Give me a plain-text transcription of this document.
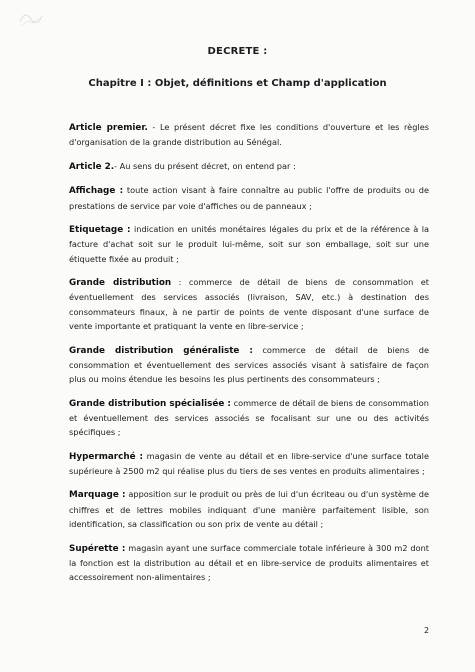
DECRETE :
Chapitre I : Objet, définitions et Champ d'application

Article premier. - Le présent décret fixe les conditions d'ouverture et les règles d'organisation de la grande distribution au Sénégal.

Article 2.- Au sens du présent décret, on entend par :

Affichage : toute action visant à faire connaître au public l'offre de produits ou de prestations de service par voie d'affiches ou de panneaux ;

Etiquetage : indication en unités monétaires légales du prix et de la référence à la facture d'achat soit sur le produit lui-même, soit sur son emballage, soit sur une étiquette fixée au produit ;

Grande distribution : commerce de détail de biens de consommation et éventuellement des services associés (livraison, SAV, etc.) à destination des consommateurs finaux, à ne partir de points de vente disposant d'une surface de vente importante et pratiquant la vente en libre-service ;

Grande distribution généraliste : commerce de détail de biens de consommation et éventuellement des services associés visant à satisfaire de façon plus ou moins étendue les besoins les plus pertinents des consommateurs ;

Grande distribution spécialisée : commerce de détail de biens de consommation et éventuellement des services associés se focalisant sur une ou des activités spécifiques ;

Hypermarché : magasin de vente au détail et en libre-service d'une surface totale supérieure à 2500 m2 qui réalise plus du tiers de ses ventes en produits alimentaires ;

Marquage : apposition sur le produit ou près de lui d'un écriteau ou d'un système de chiffres et de lettres mobiles indiquant d'une manière parfaitement lisible, son identification, sa classification ou son prix de vente au détail ;

Supérette : magasin ayant une surface commerciale totale inférieure à 300 m2 dont la fonction est la distribution au détail et en libre-service de produits alimentaires et accessoirement non-alimentaires ;

2
